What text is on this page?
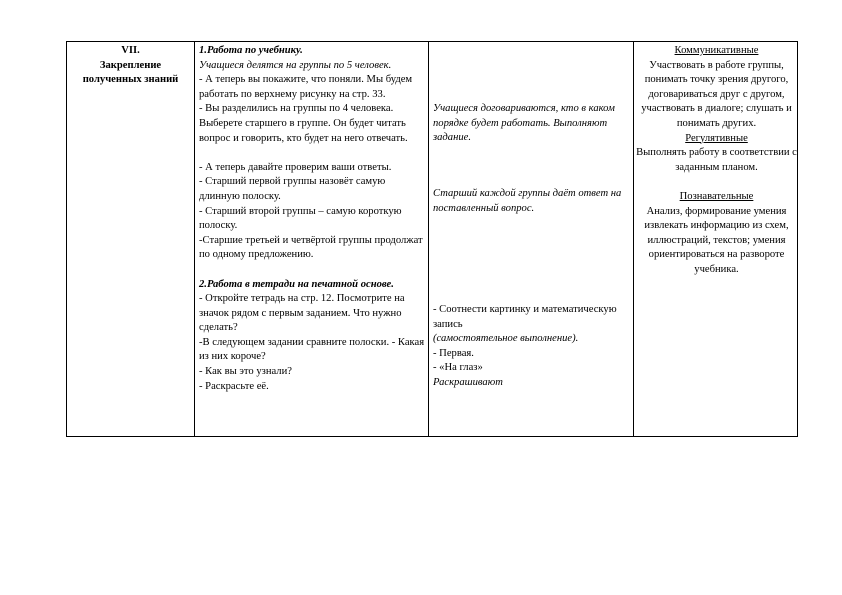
VII.

Закрепление

полученных знаний

1.Работа по учебнику.

Учащиеся делятся на группы по 5 человек.

- А теперь вы покажите, что поняли. Мы будем работать по верхнему рисунку на стр. 33.

- Вы разделились на группы по 4 человека. Выберете старшего в группе. Он будет читать вопрос и говорить, кто будет на него отвечать.

- А теперь давайте проверим ваши ответы.

- Старший первой группы назовёт самую длинную полоску.

- Старший второй группы – самую короткую полоску.

-Старшие третьей и четвёртой группы продолжат по одному предложению.

2.Работа в тетради на печатной основе.

- Откройте тетрадь на стр. 12. Посмотрите на значок рядом с первым заданием. Что нужно сделать?

-В следующем задании сравните полоски. - Какая из них короче?

- Как вы это узнали?

- Раскрасьте её.

Учащиеся договариваются, кто в каком порядке будет работать. Выполняют задание.

Старший каждой группы даёт ответ на поставленный вопрос.

- Соотнести картинку и математическую запись

(самостоятельное выполнение).

- Первая.

- «На глаз»

Раскрашивают

Коммуникативные

Участвовать в работе группы, понимать точку зрения другого, договариваться друг с другом, участвовать в диалоге; слушать и понимать других.

Регулятивные

Выполнять работу в соответствии с заданным планом.

Познавательные

Анализ, формирование умения извлекать информацию из схем, иллюстраций, текстов; умения ориентироваться на развороте учебника.
